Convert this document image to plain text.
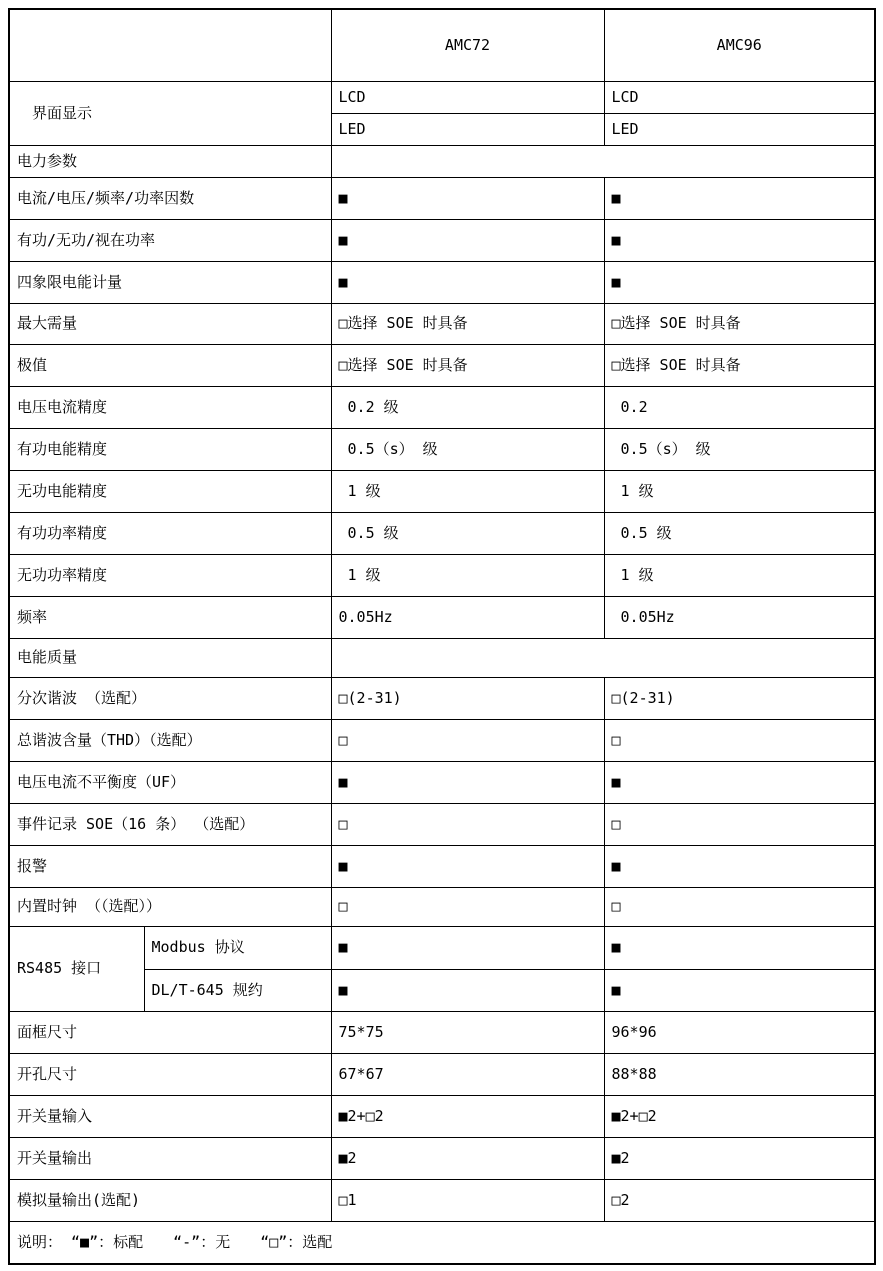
		AMC72	AMC96
　界面显示		LCD	LCD
		LED	LED
电力参数			
电流/电压/频率/功率因数		■	■
有功/无功/视在功率		■	■
四象限电能计量		■	■
最大需量		□选择 SOE 时具备	□选择 SOE 时具备
极值		□选择 SOE 时具备	□选择 SOE 时具备
电压电流精度		0.2 级	0.2
有功电能精度		0.5（s） 级	0.5（s） 级
无功电能精度		1 级	1 级
有功功率精度		0.5 级	0.5 级
无功功率精度		1 级	1 级
频率		0.05Hz	0.05Hz
电能质量			
分次谐波 （选配）		□(2-31)	□(2-31)
总谐波含量（THD）（选配）		□	□
电压电流不平衡度（UF）		■	■
事件记录 SOE（16 条） （选配）		□	□
报警		■	■
内置时钟 （（选配））		□	□
RS485 接口	Modbus 协议	■	■
	DL/T-645 规约	■	■
面框尺寸		75*75	96*96
开孔尺寸		67*67	88*88
开关量输入		■2+□2	■2+□2
开关量输出		■2	■2
模拟量输出(选配)		□1	□2
说明： “■”：标配　　“-”：无　　“□”：选配			
